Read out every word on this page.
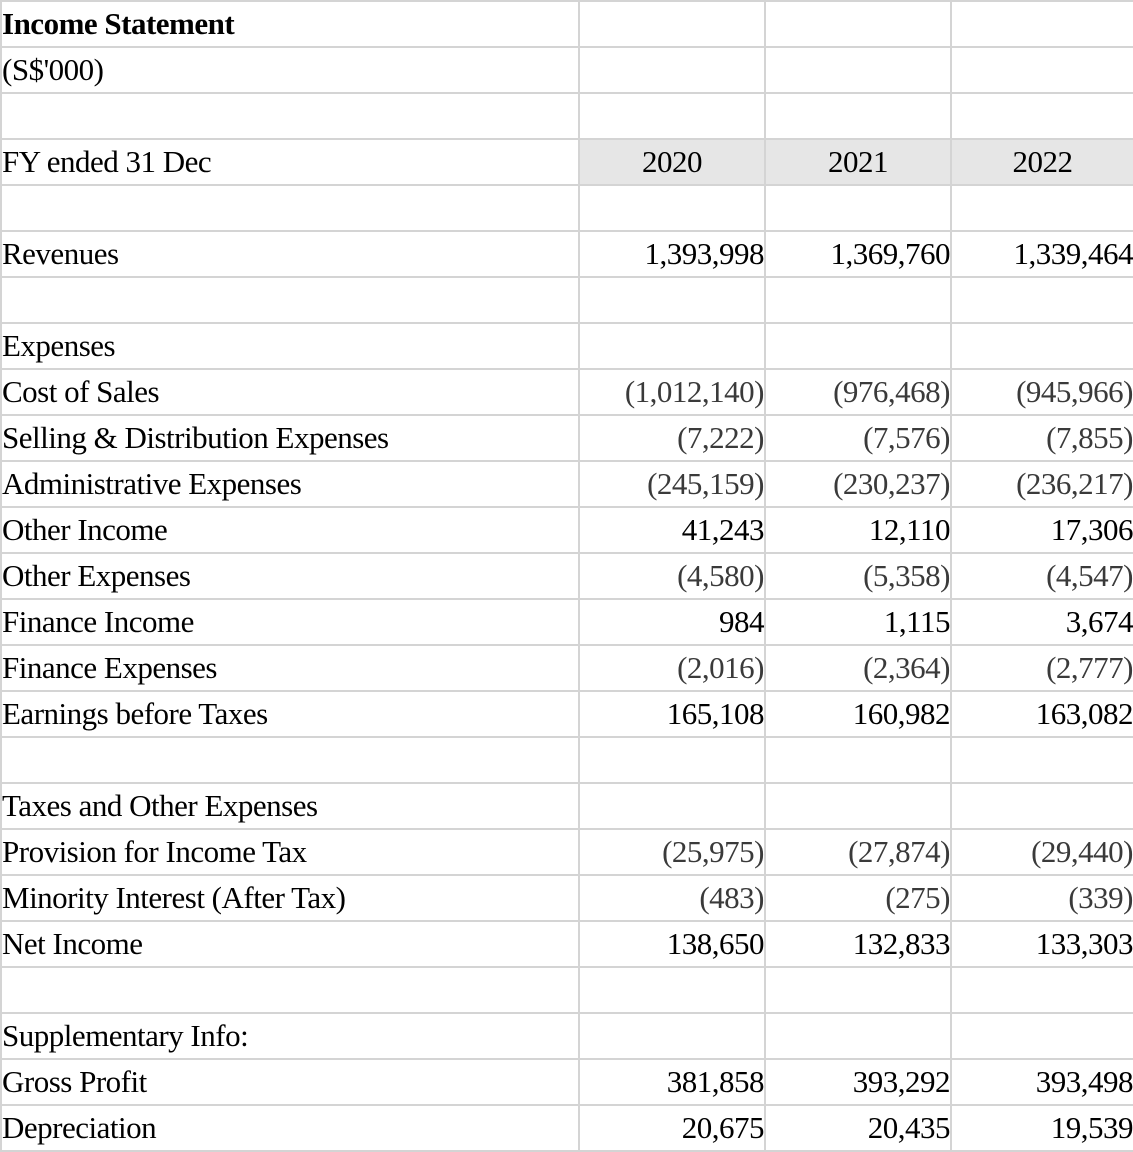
Income Statement			
(S$'000)			

FY ended 31 Dec	2020	2021	2022

Revenues	1,393,998	1,369,760	1,339,464

Expenses			
Cost of Sales	(1,012,140)	(976,468)	(945,966)
Selling & Distribution Expenses	(7,222)	(7,576)	(7,855)
Administrative Expenses	(245,159)	(230,237)	(236,217)
Other Income	41,243	12,110	17,306
Other Expenses	(4,580)	(5,358)	(4,547)
Finance Income	984	1,115	3,674
Finance Expenses	(2,016)	(2,364)	(2,777)
Earnings before Taxes	165,108	160,982	163,082

Taxes and Other Expenses			
Provision for Income Tax	(25,975)	(27,874)	(29,440)
Minority Interest (After Tax)	(483)	(275)	(339)
Net Income	138,650	132,833	133,303

Supplementary Info:			
Gross Profit	381,858	393,292	393,498
Depreciation	20,675	20,435	19,539
